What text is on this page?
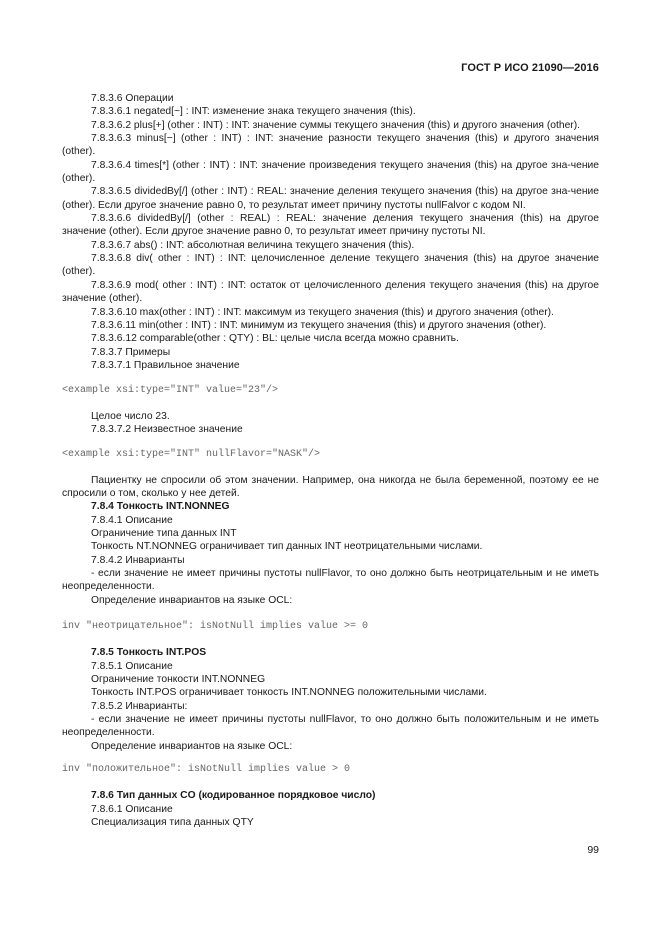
ГОСТ Р ИСО 21090—2016

7.8.3.6 Операции

7.8.3.6.1 negated[~] : INT: изменение знака текущего значения (this).

7.8.3.6.2 plus[+] (other : INT) : INT: значение суммы текущего значения (this) и другого значения (other).

7.8.3.6.3 minus[−] (other : INT) : INT: значение разности текущего значения (this) и другого значения (other).

7.8.3.6.4 times[*] (other : INT) : INT: значение произведения текущего значения (this) на другое зна-чение (other).

7.8.3.6.5 dividedBy[/] (other : INT) : REAL: значение деления текущего значения (this) на другое зна-чение (other). Если другое значение равно 0, то результат имеет причину пустоты nullFalvor с кодом NI.

7.8.3.6.6 dividedBy[/] (other : REAL) : REAL: значение деления текущего значения (this) на другое значение (other). Если другое значение равно 0, то результат имеет причину пустоты NI.

7.8.3.6.7 abs() : INT: абсолютная величина текущего значения (this).

7.8.3.6.8 div( other : INT) : INT: целочисленное деление текущего значения (this) на другое значение (other).

7.8.3.6.9 mod( other : INT) : INT: остаток от целочисленного деления текущего значения (this) на другое значение (other).

7.8.3.6.10 max(other : INT) : INT: максимум из текущего значения (this) и другого значения (other).

7.8.3.6.11 min(other : INT) : INT: минимум из текущего значения (this) и другого значения (other).

7.8.3.6.12 comparable(other : QTY) : BL: целые числа всегда можно сравнить.

7.8.3.7 Примеры

7.8.3.7.1 Правильное значение

<example xsi:type="INT" value="23"/>

Целое число 23.

7.8.3.7.2 Неизвестное значение

<example xsi:type="INT" nullFlavor="NASK"/>

Пациентку не спросили об этом значении. Например, она никогда не была беременной, поэтому ее не спросили о том, сколько у нее детей.

7.8.4 Тонкость INT.NONNEG

7.8.4.1 Описание

Ограничение типа данных INT

Тонкость NT.NONNEG ограничивает тип данных INT неотрицательными числами.

7.8.4.2 Инварианты

- если значение не имеет причины пустоты nullFlavor, то оно должно быть неотрицательным и не иметь неопределенности.

Определение инвариантов на языке OCL:

inv "неотрицательное": isNotNull implies value >= 0

7.8.5 Тонкость INT.POS

7.8.5.1 Описание

Ограничение тонкости INT.NONNEG

Тонкость INT.POS ограничивает тонкость INT.NONNEG положительными числами.

7.8.5.2 Инварианты:

- если значение не имеет причины пустоты nullFlavor, то оно должно быть положительным и не иметь неопределенности.

Определение инвариантов на языке OCL:

inv "положительное": isNotNull implies value > 0

7.8.6 Тип данных CO (кодированное порядковое число)

7.8.6.1 Описание

Специализация типа данных QTY

99
